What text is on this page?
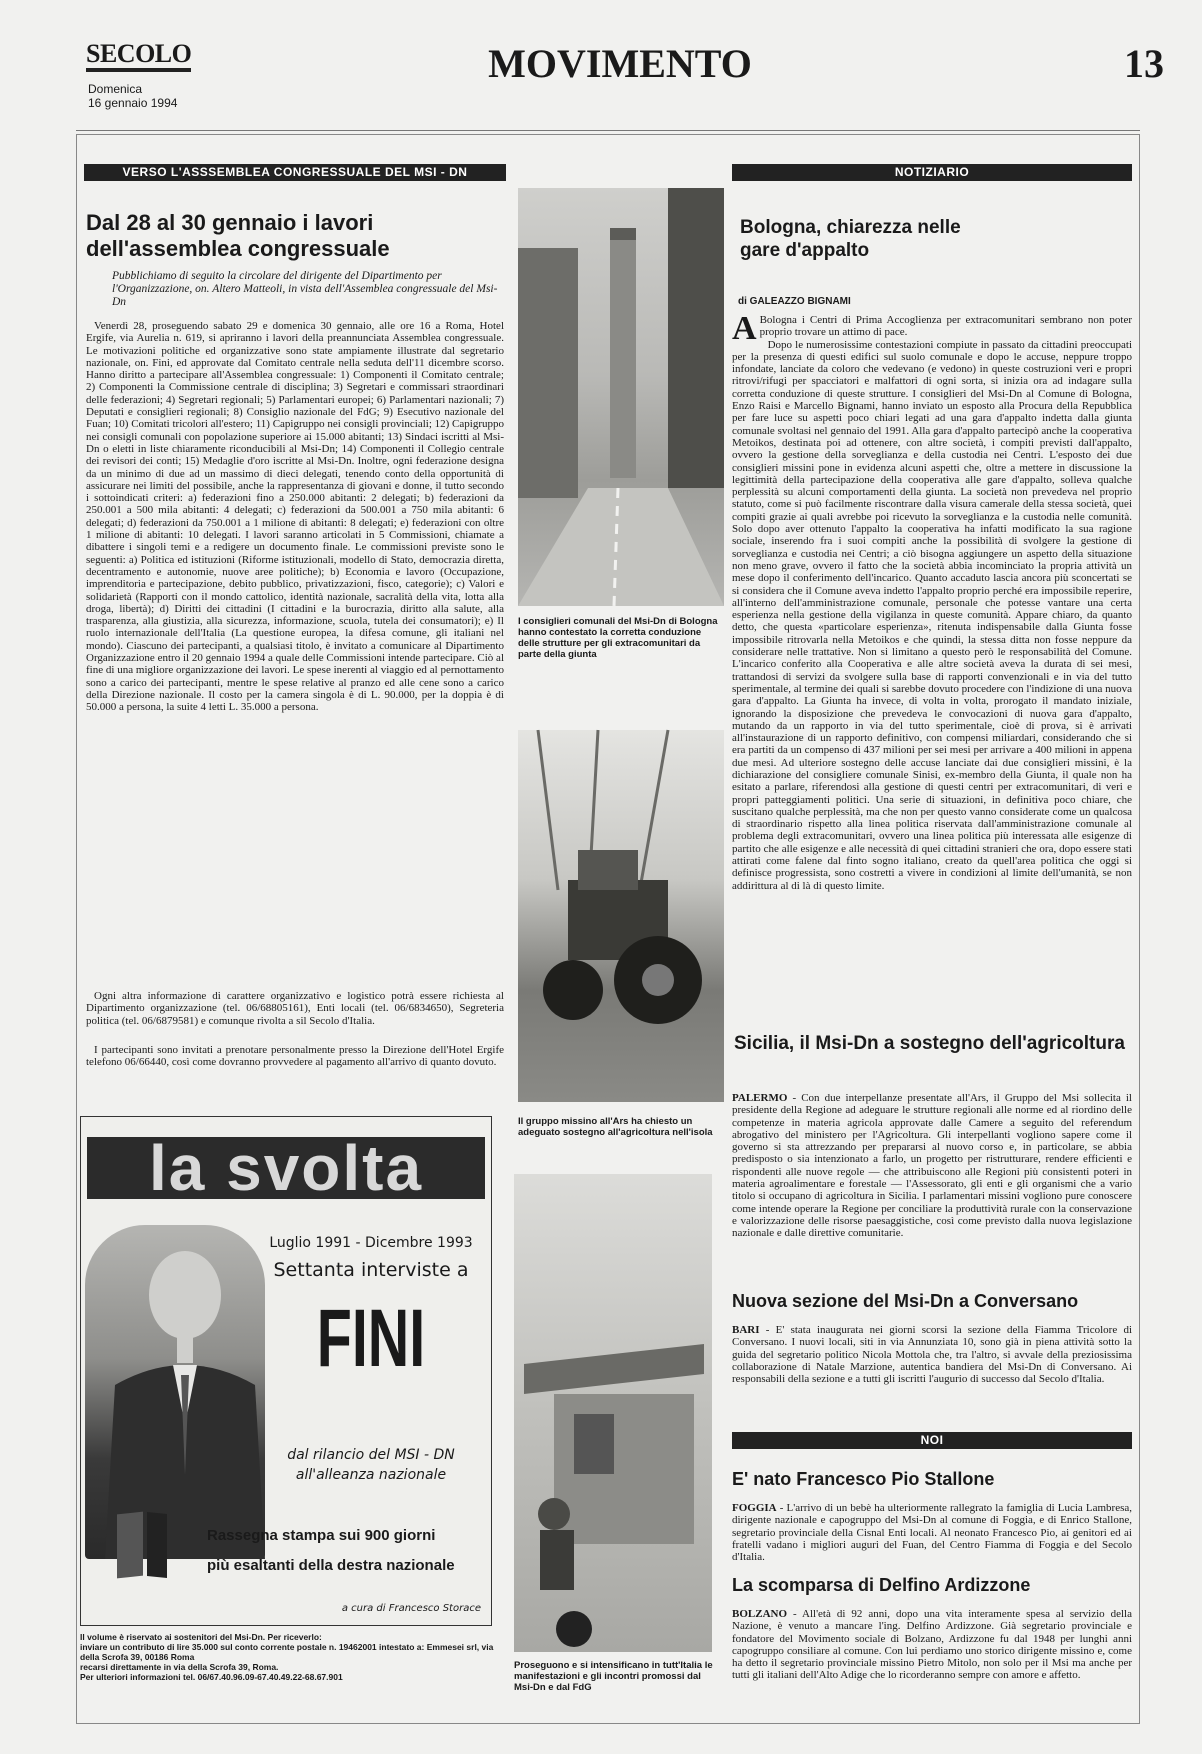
SECOLO
Domenica
16 gennaio 1994
MOVIMENTO	13
VERSO L'ASSSEMBLEA CONGRESSUALE DEL MSI - DN
Dal 28 al 30 gennaio i lavori dell'assemblea congressuale
Pubblichiamo di seguito la circolare del dirigente del Dipartimento per l'Organizzazione, on. Altero Matteoli, in vista dell'Assemblea congressuale del Msi-Dn

Venerdì 28, proseguendo sabato 29 e domenica 30 gennaio, alle ore 16 a Roma, Hotel Ergife, via Aurelia n. 619, si apriranno i lavori della preannunciata Assemblea congressuale. Le motivazioni politiche ed organizzative sono state ampiamente illustrate dal segretario nazionale, on. Fini, ed approvate dal Comitato centrale nella seduta dell'11 dicembre scorso. Hanno diritto a partecipare all'Assemblea congressuale: 1) Componenti il Comitato centrale; 2) Componenti la Commissione centrale di disciplina; 3) Segretari e commissari straordinari delle federazioni; 4) Segretari regionali; 5) Parlamentari europei; 6) Parlamentari nazionali; 7) Deputati e consiglieri regionali; 8) Consiglio nazionale del FdG; 9) Esecutivo nazionale del Fuan; 10) Comitati tricolori all'estero; 11) Capigruppo nei consigli provinciali; 12) Capigruppo nei consigli comunali con popolazione superiore ai 15.000 abitanti; 13) Sindaci iscritti al Msi-Dn o eletti in liste chiaramente riconducibili al Msi-Dn; 14) Componenti il Collegio centrale dei revisori dei conti; 15) Medaglie d'oro iscritte al Msi-Dn. Inoltre, ogni federazione designa da un minimo di due ad un massimo di dieci delegati, tenendo conto della opportunità di assicurare nei limiti del possibile, anche la rappresentanza di giovani e donne, il tutto secondo i sottoindicati criteri: a) federazioni fino a 250.000 abitanti: 2 delegati; b) federazioni da 250.001 a 500 mila abitanti: 4 delegati; c) federazioni da 500.001 a 750 mila abitanti: 6 delegati; d) federazioni da 750.001 a 1 milione di abitanti: 8 delegati; e) federazioni con oltre 1 milione di abitanti: 10 delegati. I lavori saranno articolati in 5 Commissioni, chiamate a dibattere i singoli temi e a redigere un documento finale. Le commissioni previste sono le seguenti: a) Politica ed istituzioni (Riforme istituzionali, modello di Stato, democrazia diretta, decentramento e autonomie, nuove aree politiche); b) Economia e lavoro (Occupazione, imprenditoria e partecipazione, debito pubblico, privatizzazioni, fisco, categorie); c) Valori e solidarietà (Rapporti con il mondo cattolico, identità nazionale, sacralità della vita, lotta alla droga, libertà); d) Diritti dei cittadini (I cittadini e la burocrazia, diritto alla salute, alla trasparenza, alla giustizia, alla sicurezza, informazione, scuola, tutela dei consumatori); e) Il ruolo internazionale dell'Italia (La questione europea, la difesa comune, gli italiani nel mondo). Ciascuno dei partecipanti, a qualsiasi titolo, è invitato a comunicare al Dipartimento Organizzazione entro il 20 gennaio 1994 a quale delle Commissioni intende partecipare. Ciò al fine di una migliore organizzazione dei lavori. Le spese inerenti al viaggio ed al pernottamento sono a carico dei partecipanti, mentre le spese relative al pranzo ed alle cene sono a carico della Direzione nazionale. Il costo per la camera singola è di L. 90.000, per la doppia è di 50.000 a persona, la suite 4 letti L. 35.000 a persona.

Ogni altra informazione di carattere organizzativo e logistico potrà essere richiesta al Dipartimento organizzazione (tel. 06/68805161), Enti locali (tel. 06/6834650), Segreteria politica (tel. 06/6879581) e comunque rivolta a sil Secolo d'Italia.

I partecipanti sono invitati a prenotare personalmente presso la Direzione dell'Hotel Ergife telefono 06/66440, così come dovranno provvedere al pagamento all'arrivo di quanto dovuto.

la svolta
Luglio 1991 - Dicembre 1993
Settanta interviste a
FINI
dal rilancio del MSI - DN
all'alleanza nazionale
Rassegna stampa sui 900 giorni
più esaltanti della destra nazionale
a cura di Francesco Storace
Il volume è riservato ai sostenitori del Msi-Dn. Per riceverlo:
inviare un contributo di lire 35.000 sul conto corrente postale n. 19462001 intestato a: Emmesei srl, via della Scrofa 39, 00186 Roma
recarsi direttamente in via della Scrofa 39, Roma.
Per ulteriori informazioni tel. 06/67.40.96.09-67.40.49.22-68.67.901
I consiglieri comunali del Msi-Dn di Bologna hanno contestato la corretta conduzione delle strutture per gli extracomunitari da parte della giunta
Il gruppo missino all'Ars ha chiesto un adeguato sostegno all'agricoltura nell'isola
Proseguono e si intensificano in tutt'Italia le manifestazioni e gli incontri promossi dal Msi-Dn e dal FdG
NOTIZIARIO
Bologna, chiarezza nelle gare d'appalto
di GALEAZZO BIGNAMI
A Bologna i Centri di Prima Accoglienza per extracomunitari sembrano non poter proprio trovare un attimo di pace.

Dopo le numerosissime contestazioni compiute in passato da cittadini preoccupati per la presenza di questi edifici sul suolo comunale e dopo le accuse, neppure troppo infondate, lanciate da coloro che vedevano (e vedono) in queste costruzioni veri e propri ritrovi/rifugi per spacciatori e malfattori di ogni sorta, si inizia ora ad indagare sulla corretta conduzione di queste strutture. I consiglieri del Msi-Dn al Comune di Bologna, Enzo Raisi e Marcello Bignami, hanno inviato un esposto alla Procura della Repubblica per fare luce su aspetti poco chiari legati ad una gara d'appalto indetta dalla giunta comunale svoltasi nel gennaio del 1991. Alla gara d'appalto partecipò anche la cooperativa Metoikos, destinata poi ad ottenere, con altre società, i compiti previsti dall'appalto, ovvero la gestione della sorveglianza e della custodia nei Centri. L'esposto dei due consiglieri missini pone in evidenza alcuni aspetti che, oltre a mettere in discussione la legittimità della partecipazione della cooperativa alle gare d'appalto, solleva qualche perplessità su alcuni comportamenti della giunta. La società non prevedeva nel proprio statuto, come si può facilmente riscontrare dalla visura camerale della stessa società, quei compiti grazie ai quali avrebbe poi ricevuto la sorveglianza e la custodia nelle comunità. Solo dopo aver ottenuto l'appalto la cooperativa ha infatti modificato la sua ragione sociale, inserendo fra i suoi compiti anche la possibilità di svolgere la gestione di sorveglianza e custodia nei Centri; a ciò bisogna aggiungere un aspetto della situazione non meno grave, ovvero il fatto che la società abbia incominciato la propria attività un mese dopo il conferimento dell'incarico. Quanto accaduto lascia ancora più sconcertati se si considera che il Comune aveva indetto l'appalto proprio perché era impossibile reperire, all'interno dell'amministrazione comunale, personale che potesse vantare una certa esperienza nella gestione della vigilanza in queste comunità. Appare chiaro, da quanto detto, che questa «particolare esperienza», ritenuta indispensabile dalla Giunta fosse impossibile ritrovarla nella Metoikos e che quindi, la stessa ditta non fosse neppure da considerare nelle trattative. Non si limitano a questo però le responsabilità del Comune. L'incarico conferito alla Cooperativa e alle altre società aveva la durata di sei mesi, trattandosi di servizi da svolgere sulla base di rapporti convenzionali e in via del tutto sperimentale, al termine dei quali si sarebbe dovuto procedere con l'indizione di una nuova gara d'appalto. La Giunta ha invece, di volta in volta, prorogato il mandato iniziale, ignorando la disposizione che prevedeva le convocazioni di nuova gara d'appalto, mutando da un rapporto in via del tutto sperimentale, cioè di prova, si è arrivati all'instaurazione di un rapporto definitivo, con compensi miliardari, considerando che si era partiti da un compenso di 437 milioni per sei mesi per arrivare a 400 milioni in appena due mesi. Ad ulteriore sostegno delle accuse lanciate dai due consiglieri missini, è la dichiarazione del consigliere comunale Sinisi, ex-membro della Giunta, il quale non ha esitato a parlare, riferendosi alla gestione di questi centri per extracomunitari, di veri e propri patteggiamenti politici. Una serie di situazioni, in definitiva poco chiare, che suscitano qualche perplessità, ma che non per questo vanno considerate come un qualcosa di straordinario rispetto alla linea politica riservata dall'amministrazione comunale al problema degli extracomunitari, ovvero una linea politica più interessata alle esigenze di partito che alle esigenze e alle necessità di quei cittadini stranieri che ora, dopo essere stati attirati come falene dal finto sogno italiano, creato da quell'area politica che oggi si definisce progressista, sono costretti a vivere in condizioni al limite dell'umanità, se non addirittura al di là di questo limite.

Sicilia, il Msi-Dn a sostegno dell'agricoltura
PALERMO - Con due interpellanze presentate all'Ars, il Gruppo del Msi sollecita il presidente della Regione ad adeguare le strutture regionali alle norme ed al riordino delle competenze in materia agricola approvate dalle Camere a seguito del referendum abrogativo del ministero per l'Agricoltura. Gli interpellanti vogliono sapere come il governo si sta attrezzando per prepararsi al nuovo corso e, in particolare, se abbia predisposto o sia intenzionato a farlo, un progetto per ristrutturare, rendere efficienti e rispondenti alle nuove regole — che attribuiscono alle Regioni più consistenti poteri in materia agroalimentare e forestale — l'Assessorato, gli enti e gli organismi che a vario titolo si occupano di agricoltura in Sicilia. I parlamentari missini vogliono pure conoscere come intende operare la Regione per conciliare la produttività rurale con la conservazione e valorizzazione delle risorse paesaggistiche, così come previsto dalla nuova legislazione nazionale e dalle direttive comunitarie.
Nuova sezione del Msi-Dn a Conversano
BARI - E' stata inaugurata nei giorni scorsi la sezione della Fiamma Tricolore di Conversano. I nuovi locali, siti in via Annunziata 10, sono già in piena attività sotto la guida del segretario politico Nicola Mottola che, tra l'altro, si avvale della preziosissima collaborazione di Natale Marzione, autentica bandiera del Msi-Dn di Conversano. Ai responsabili della sezione e a tutti gli iscritti l'augurio di successo dal Secolo d'Italia.
NOI
E' nato Francesco Pio Stallone
FOGGIA - L'arrivo di un bebè ha ulteriormente rallegrato la famiglia di Lucia Lambresa, dirigente nazionale e capogruppo del Msi-Dn al comune di Foggia, e di Enrico Stallone, segretario provinciale della Cisnal Enti locali. Al neonato Francesco Pio, ai genitori ed ai fratelli vadano i migliori auguri del Fuan, del Centro Fiamma di Foggia e del Secolo d'Italia.
La scomparsa di Delfino Ardizzone
BOLZANO - All'età di 92 anni, dopo una vita interamente spesa al servizio della Nazione, è venuto a mancare l'ing. Delfino Ardizzone. Già segretario provinciale e fondatore del Movimento sociale di Bolzano, Ardizzone fu dal 1948 per lunghi anni capogruppo consiliare al comune. Con lui perdiamo uno storico dirigente missino e, come ha detto il segretario provinciale missino Pietro Mitolo, non solo per il Msi ma anche per tutti gli italiani dell'Alto Adige che lo ricorderanno sempre con amore e affetto.
